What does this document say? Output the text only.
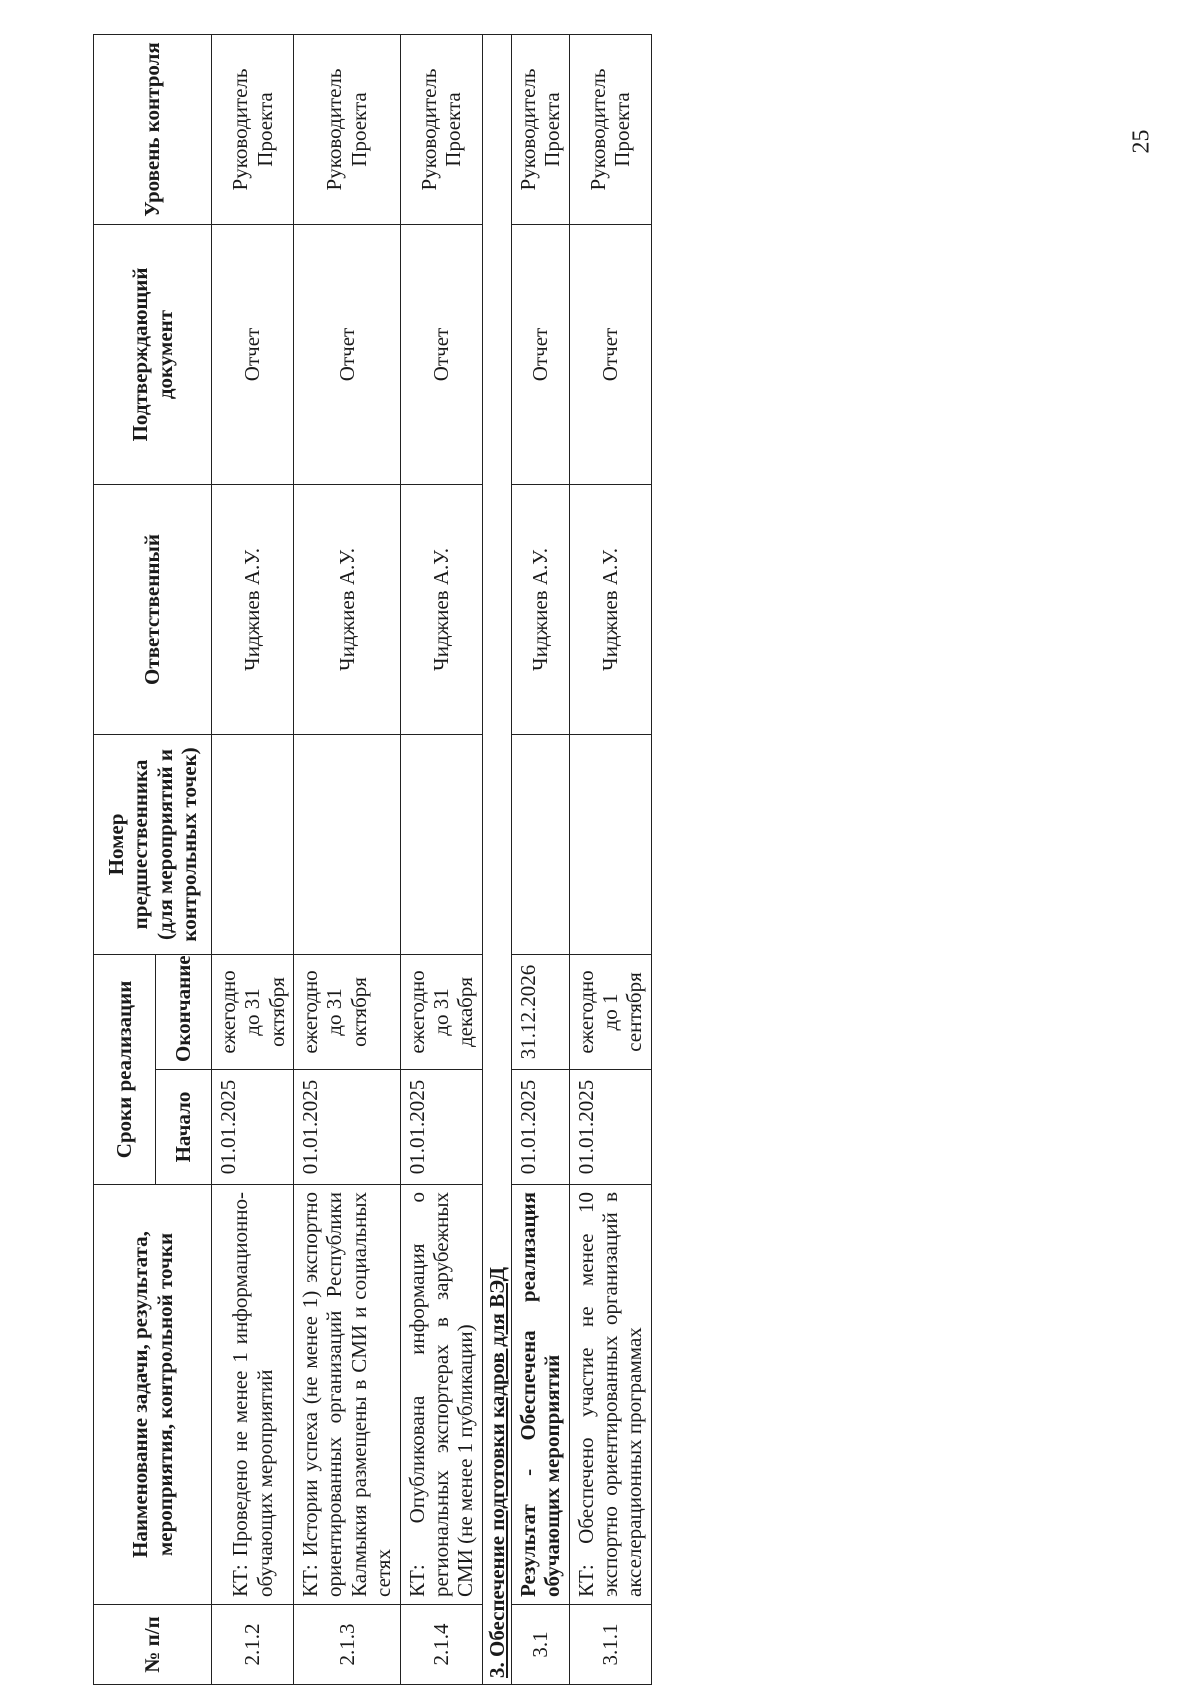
№ п/п	Наименование задачи, результата, мероприятия, контрольной точки	Сроки реализации		Номер предшественника (для мероприятий и контрольных точек)	Ответственный	Подтверждающий документ	Уровень контроля
		Начало	Окончание				
2.1.2	КТ: Проведено не менее 1 информационно-обучающих мероприятий	01.01.2025	ежегодно до 31 октября		Чиджиев А.У.	Отчет	Руководитель Проекта
2.1.3	КТ: Истории успеха (не менее 1) экспортно ориентированных организаций Республики Калмыкия размещены в СМИ и социальных сетях	01.01.2025	ежегодно до 31 октября		Чиджиев А.У.	Отчет	Руководитель Проекта
2.1.4	КТ: Опубликована информация о региональных экспортерах в зарубежных СМИ (не менее 1 публикации)	01.01.2025	ежегодно до 31 декабря		Чиджиев А.У.	Отчет	Руководитель Проекта
3. Обеспечение подготовки кадров для ВЭД							
3.1	Результат - Обеспечена реализация обучающих мероприятий	01.01.2025	31.12.2026		Чиджиев А.У.	Отчет	Руководитель Проекта
3.1.1	КТ: Обеспечено участие не менее 10 экспортно ориентированных организаций в акселерационных программах	01.01.2025	ежегодно до 1 сентября		Чиджиев А.У.	Отчет	Руководитель Проекта	25
